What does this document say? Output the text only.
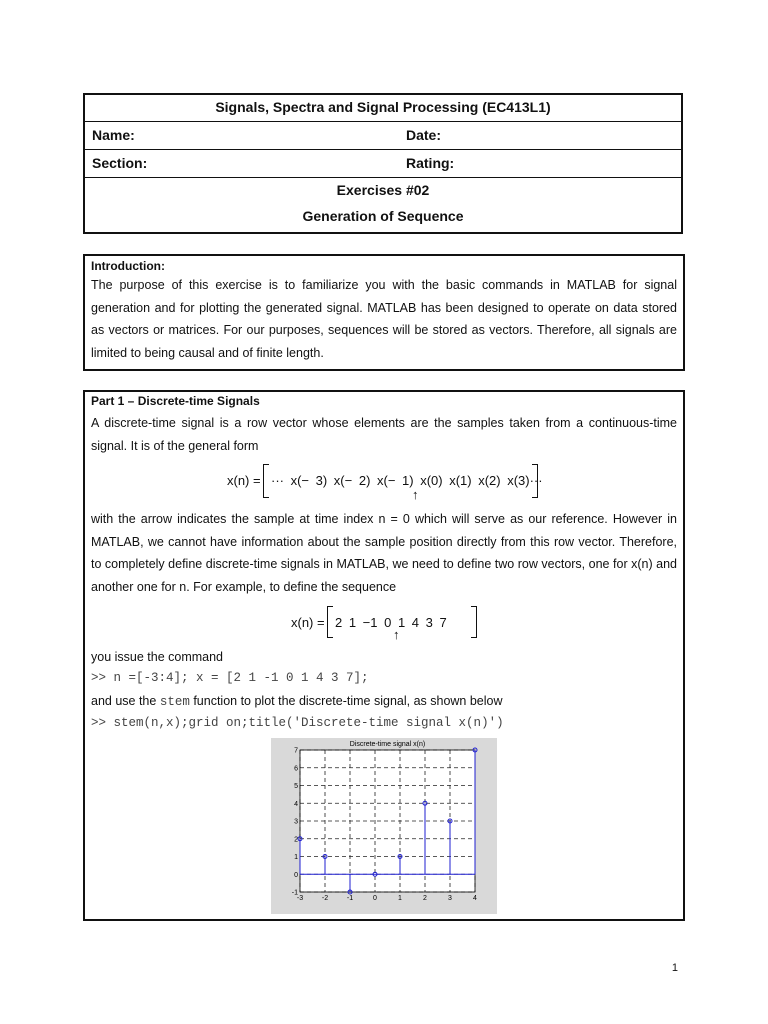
Signals, Spectra and Signal Processing (EC413L1)
Name:	Date:
Section:	Rating:
Exercises #02
Generation of Sequence
Introduction:

The purpose of this exercise is to familiarize you with the basic commands in MATLAB for signal generation and for plotting the generated signal. MATLAB has been designed to operate on data stored as vectors or matrices. For our purposes, sequences will be stored as vectors. Therefore, all signals are limited to being causal and of finite length.

Part 1 – Discrete-time Signals

A discrete-time signal is a row vector whose elements are the samples taken from a continuous-time signal. It is of the general form

x(n) = ··· x(− 3) x(− 2) x(− 1) x(0) x(1) x(2) x(3)···
↑

with the arrow indicates the sample at time index n = 0 which will serve as our reference. However in MATLAB, we cannot have information about the sample position directly from this row vector. Therefore, to completely define discrete-time signals in MATLAB, we need to define two row vectors, one for x(n) and another one for n. For example, to define the sequence

x(n) = 2 1 −1 0 1 4 3 7
↑
you issue the command
>> n =[-3:4]; x = [2 1 -1 0 1 4 3 7];
and use the stem function to plot the discrete-time signal, as shown below
>> stem(n,x);grid on;title('Discrete-time signal x(n)')
-3	-2	-1	0	1	2	3	4
-1
0
1
2
3
4
5
6
7
Discrete-time signal x(n)
1
